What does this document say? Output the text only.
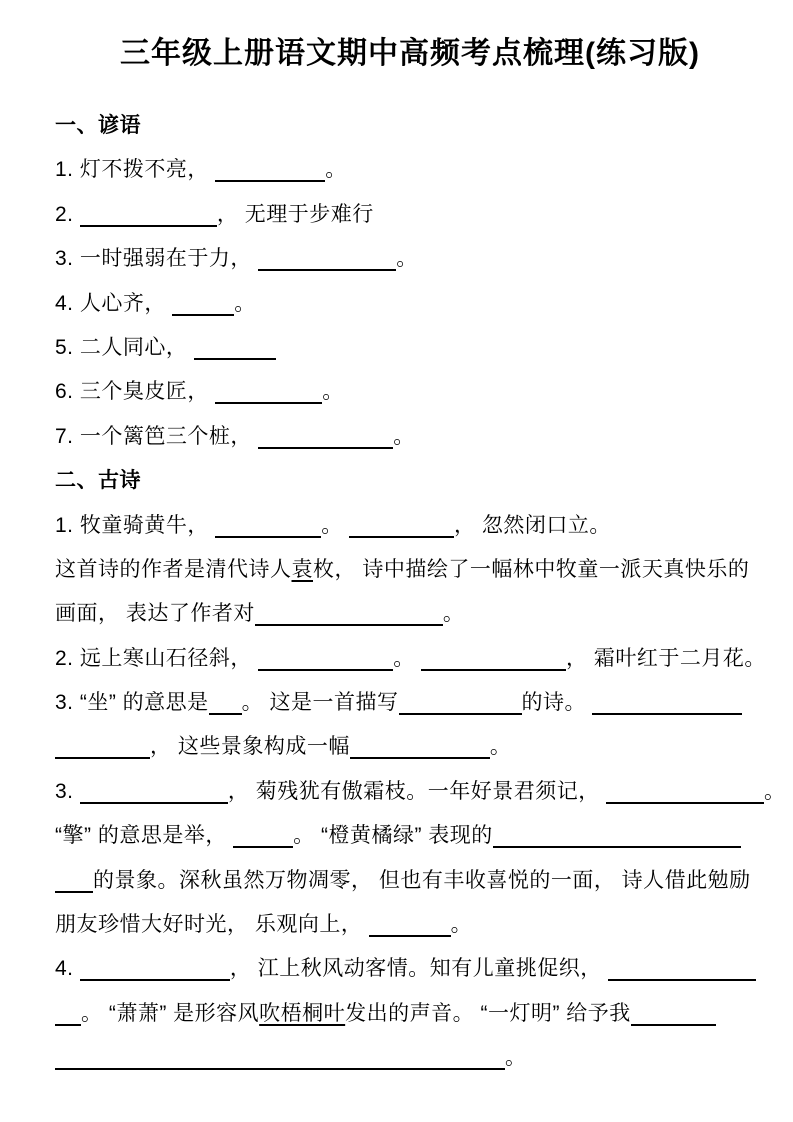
三年级上册语文期中高频考点梳理(练习版)
一、谚语
1. 灯不拨不亮，	。
2.	， 无理于步难行
3. 一时强弱在于力，	。
4. 人心齐，	。
5. 二人同心，
6. 三个臭皮匠，	。
7. 一个篱笆三个桩，	。
二、古诗
1. 牧童骑黄牛，	。	， 忽然闭口立。
这首诗的作者是清代诗人袁枚， 诗中描绘了一幅林中牧童一派天真快乐的
画面， 表达了作者对	。
2. 远上寒山石径斜，	。	， 霜叶红于二月花。
3. “坐” 的意思是 。 这是一首描写	的诗。
， 这些景象构成一幅	。
3.	， 菊残犹有傲霜枝。一年好景君须记，	。
“擎” 的意思是举，	。 “橙黄橘绿” 表现的
的景象。深秋虽然万物凋零， 但也有丰收喜悦的一面， 诗人借此勉励
朋友珍惜大好时光， 乐观向上，	。
4.	， 江上秋风动客情。知有儿童挑促织，
。 “萧萧” 是形容风吹梧桐叶发出的声音。 “一灯明” 给予我
。
